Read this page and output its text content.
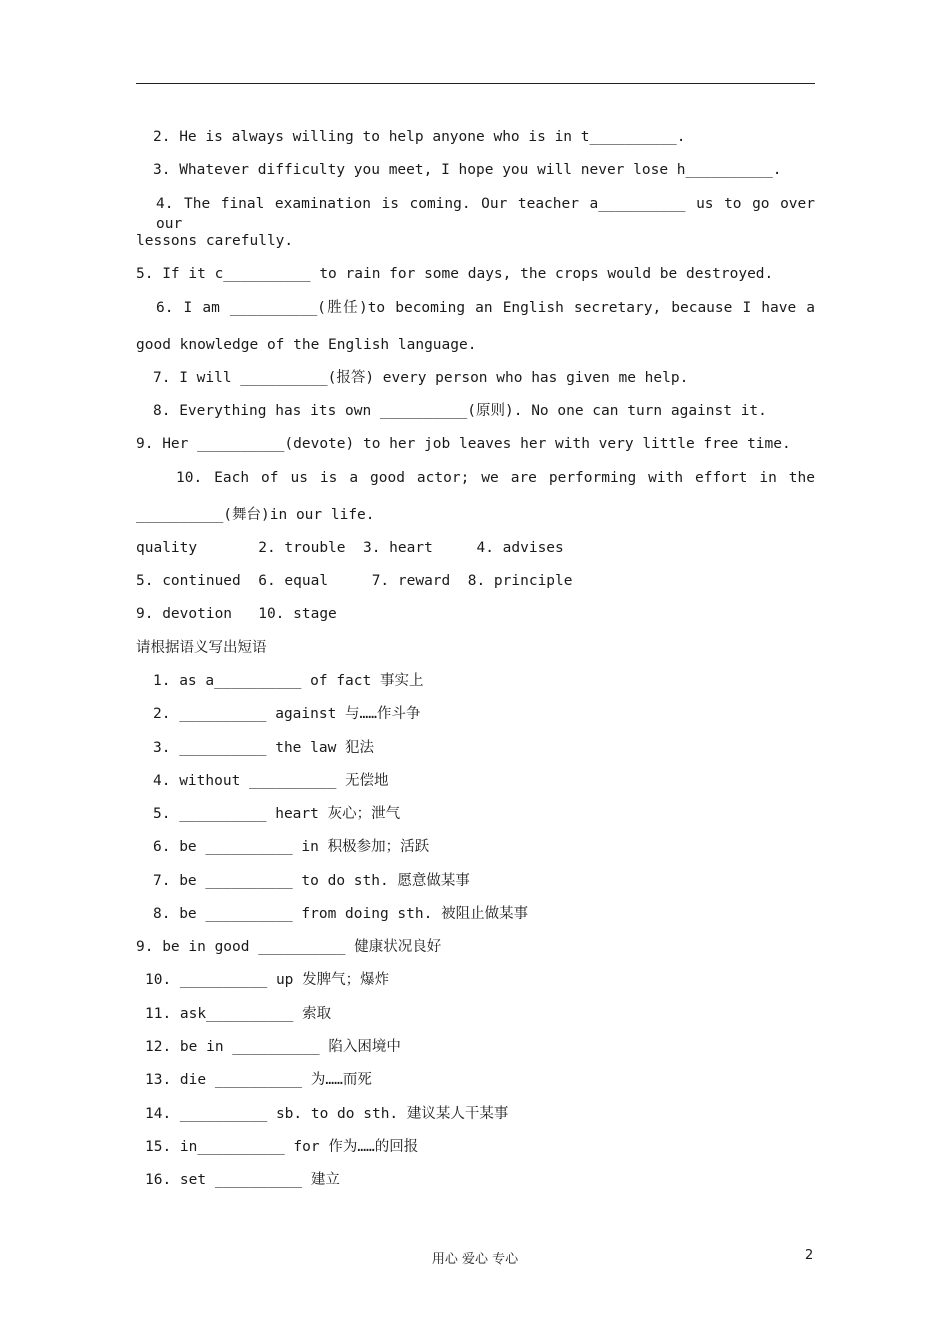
2. He is always willing to help anyone who is in t__________.
3. Whatever difficulty you meet, I hope you will never lose h__________.
4. The final examination is coming. Our teacher a__________ us to go over our
lessons carefully.
5. If it c__________ to rain for some days, the crops would be destroyed.
6. I am __________(胜任)to becoming an English secretary, because I have a
good knowledge of the English language.
7. I will __________(报答) every person who has given me help.
8. Everything has its own __________(原则). No one can turn against it.
9. Her __________(devote) to her job leaves her with very little free time.
10. Each of us is a good actor; we are performing with effort in the
__________(舞台)in our life.
quality       2. trouble  3. heart     4. advises
5. continued  6. equal     7. reward  8. principle
9. devotion   10. stage
请根据语义写出短语
1. as a__________ of fact 事实上
2. __________ against 与……作斗争
3. __________ the law 犯法
4. without __________ 无偿地
5. __________ heart 灰心；泄气
6. be __________ in 积极参加；活跃
7. be __________ to do sth. 愿意做某事
8. be __________ from doing sth. 被阻止做某事
9. be in good __________ 健康状况良好
10. __________ up 发脾气；爆炸
11. ask__________ 索取
12. be in __________ 陷入困境中
13. die __________ 为……而死
14. __________ sb. to do sth. 建议某人干某事
15. in__________ for 作为……的回报
16. set __________ 建立
用心 爱心 专心	2
